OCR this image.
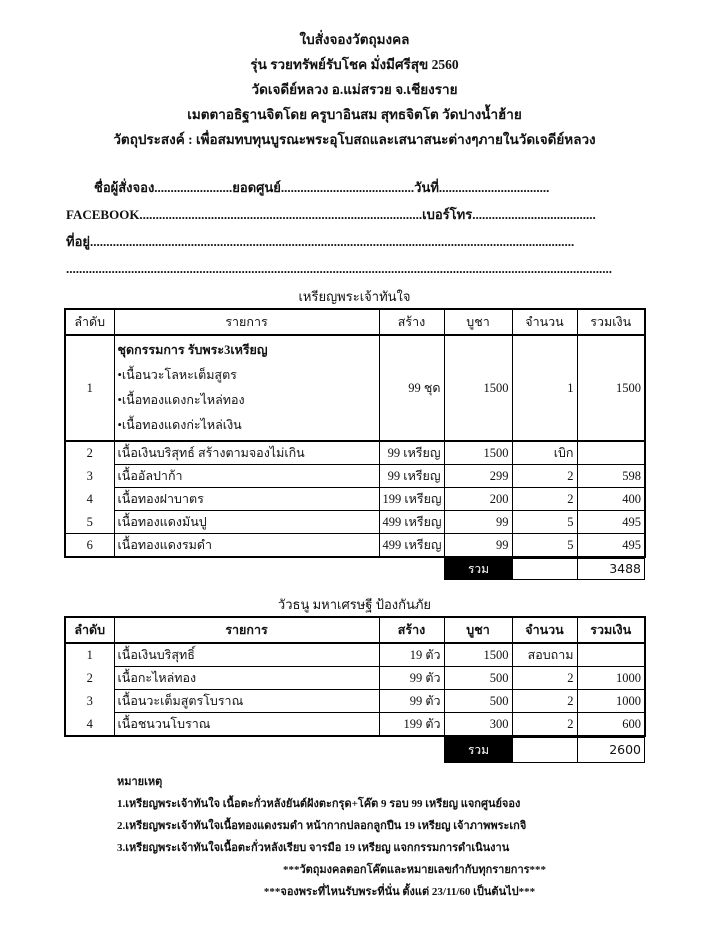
ใบสั่งจองวัตถุมงคล
รุ่น รวยทรัพย์รับโชค มั่งมีศรีสุข 2560
วัดเจดีย์หลวง อ.แม่สรวย จ.เชียงราย
เมตตาอธิฐานจิตโดย ครูบาอินสม สุทธจิตโต วัดปางน้ำฮ้าย
วัตถุประสงค์ : เพื่อสมทบทุนบูรณะพระอุโบสถและเสนาสนะต่างๆภายในวัดเจดีย์หลวง
ชื่อผู้สั่งจอง........................ยอดศูนย์.........................................วันที่..................................
FACEBOOK.......................................................................................เบอร์โทร......................................
ที่อยู่.....................................................................................................................................................
........................................................................................................................................................................
เหรียญพระเจ้าทันใจ
ลำดับ	รายการ	สร้าง	บูชา	จำนวน	รวมเงิน
1	ชุดกรรมการ รับพระ3เหรียญ
•เนื้อนวะโลหะเต็มสูตร
•เนื้อทองแดงกะไหล่ทอง
•เนื้อทองแดงก่ะไหล่เงิน	99 ชุด	1500	1	1500
2	เนื้อเงินบริสุทธ์ สร้างตามจองไม่เกิน	99 เหรียญ	1500	เบิก	
3	เนื้ออัลปาก้า	99 เหรียญ	299	2	598
4	เนื้อทองฝาบาตร	199 เหรียญ	200	2	400
5	เนื้อทองแดงมันปู	499 เหรียญ	99	5	495
6	เนื้อทองแดงรมดำ	499 เหรียญ	99	5	495
รวม		3488
วัวธนู มหาเศรษฐี ป้องกันภัย
ลำดับ	รายการ	สร้าง	บูชา	จำนวน	รวมเงิน
1	เนื้อเงินบริสุทธิ์	19 ตัว	1500	สอบถาม	
2	เนื้อกะไหล่ทอง	99 ตัว	500	2	1000
3	เนื้อนวะเต็มสูตรโบราณ	99 ตัว	500	2	1000
4	เนื้อชนวนโบราณ	199 ตัว	300	2	600
รวม		2600
หมายเหตุ
1.เหรียญพระเจ้าทันใจ เนื้อตะกั่วหลังยันต์ฝังตะกรุด+โค๊ต 9 รอบ 99 เหรียญ แจกศูนย์จอง
2.เหรียญพระเจ้าทันใจเนื้อทองแดงรมดำ หน้ากากปลอกลูกปืน 19 เหรียญ เจ้าภาพพระเกจิ
3.เหรียญพระเจ้าทันใจเนื้อตะกั่วหลังเรียบ จารมือ 19 เหรียญ แจกกรรมการดำเนินงาน
***วัตถุมงคลตอกโค๊ตและหมายเลขกำกับทุกรายการ***
***จองพระที่ไหนรับพระที่นั่น ตั้งแต่ 23/11/60 เป็นต้นไป***
